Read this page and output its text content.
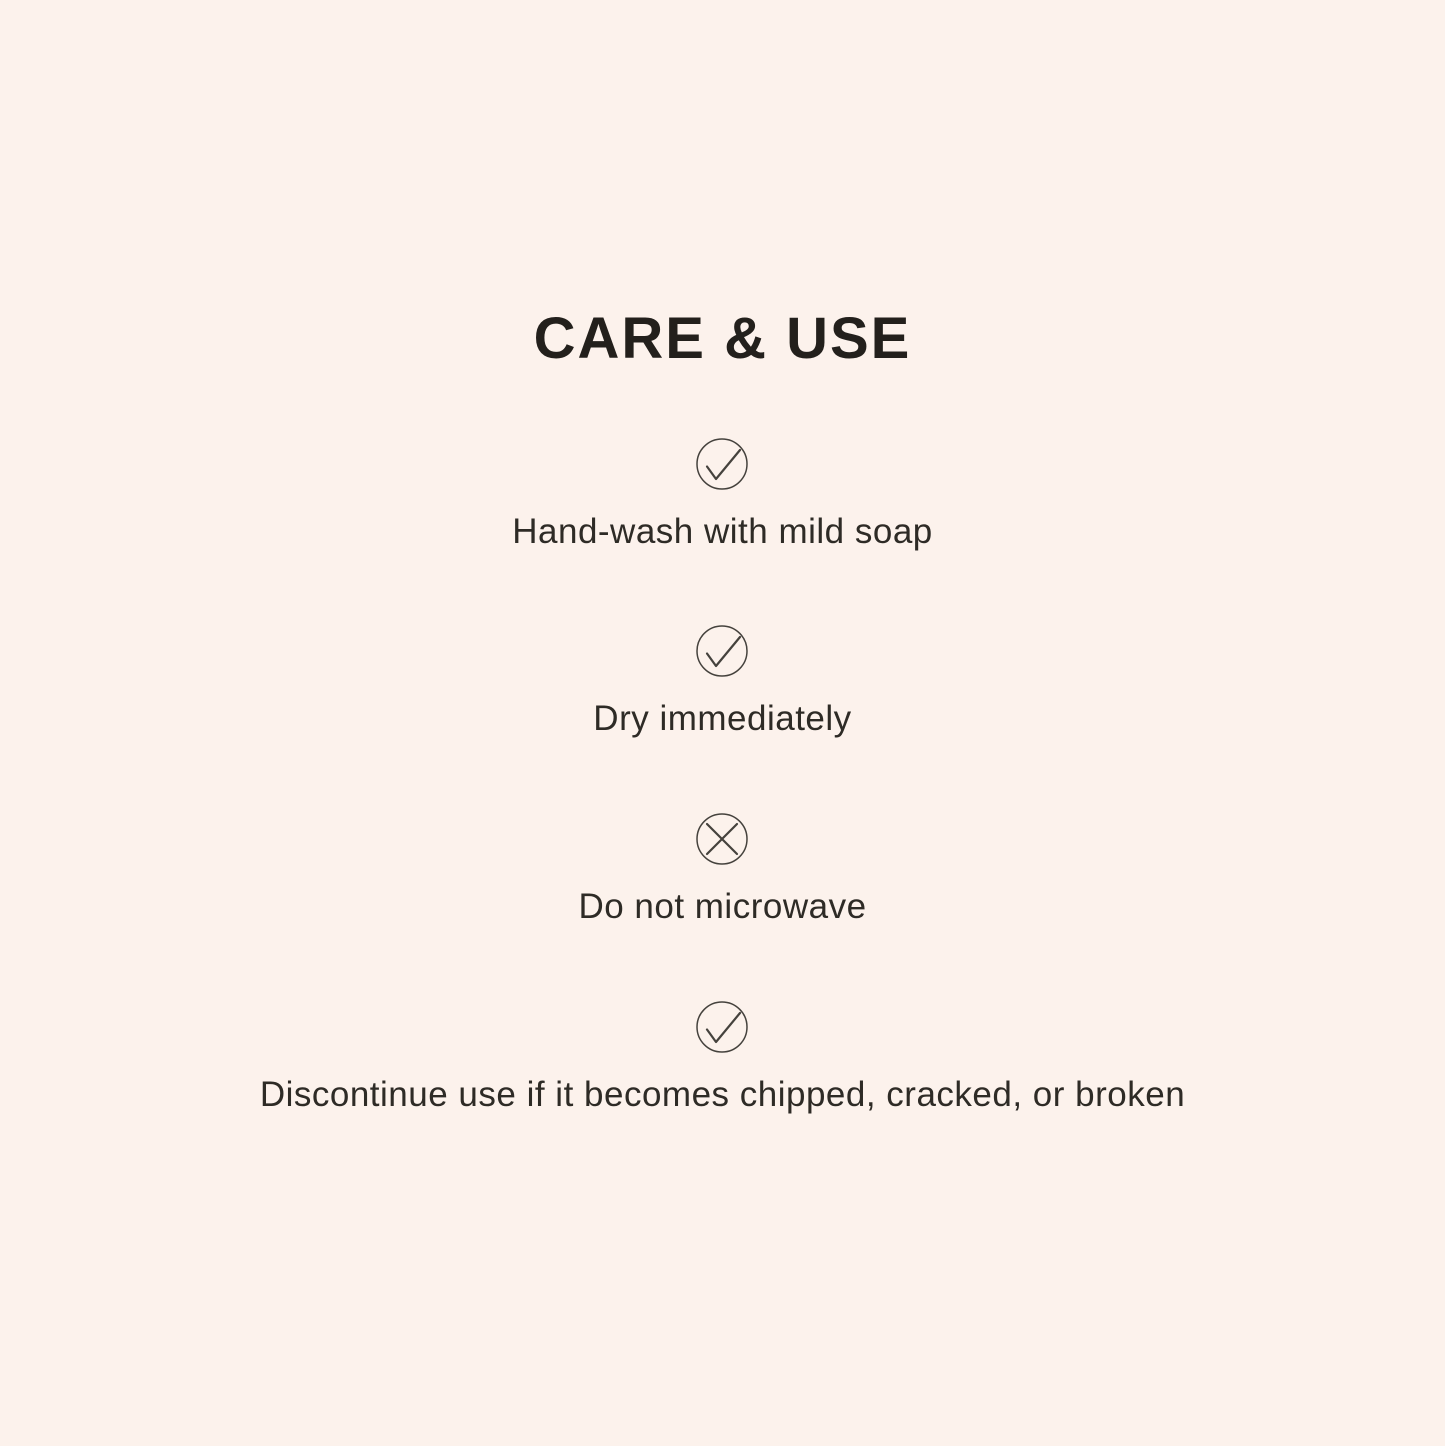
CARE & USE
Hand-wash with mild soap
Dry immediately
Do not microwave
Discontinue use if it becomes chipped, cracked, or broken
